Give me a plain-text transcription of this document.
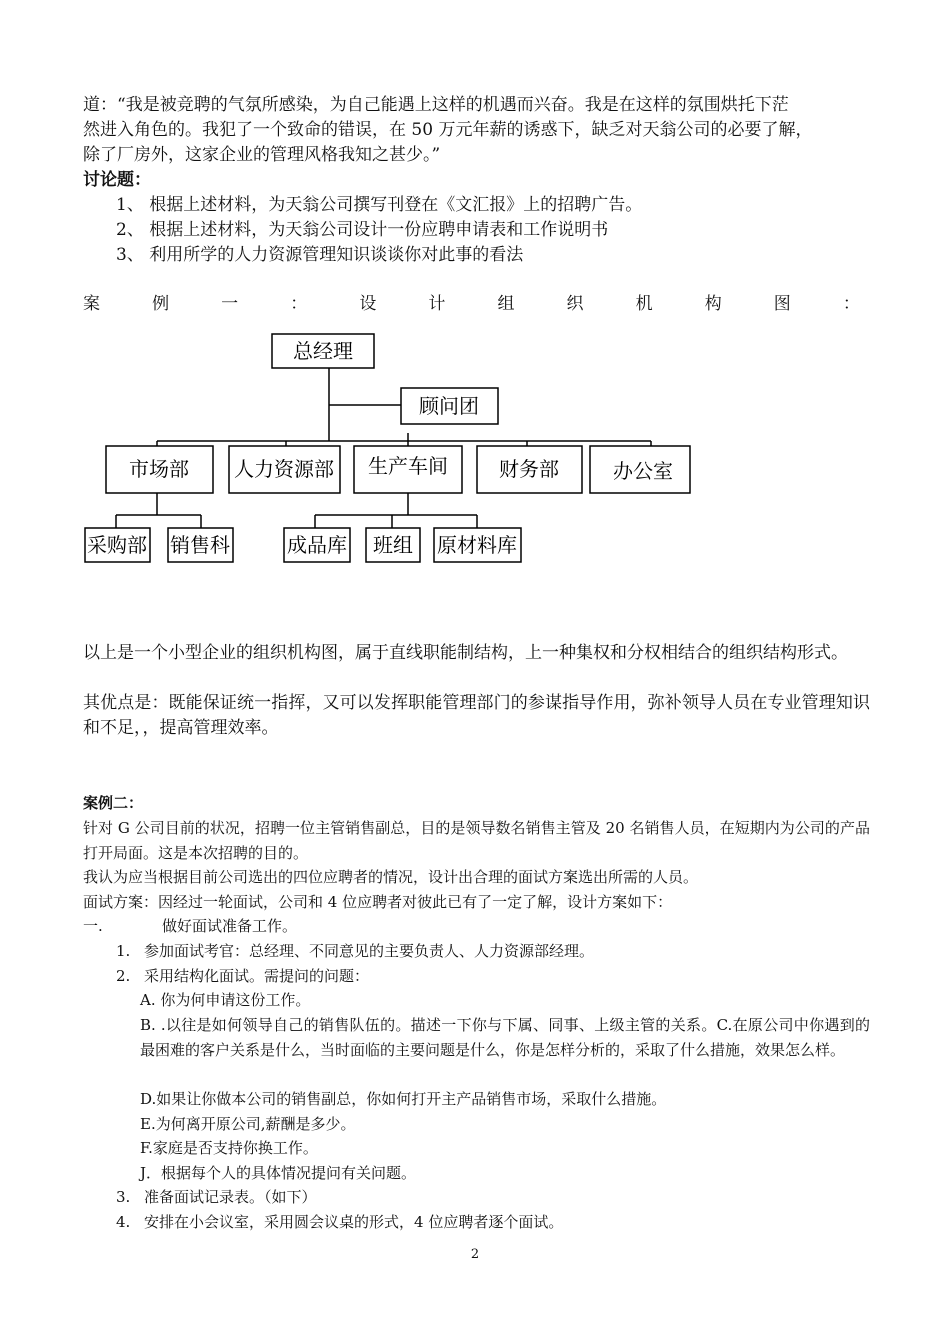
道：“我是被竞聘的气氛所感染，为自己能遇上这样的机遇而兴奋。我是在这样的氛围烘托下茫
然进入角色的。我犯了一个致命的错误，在 50 万元年薪的诱惑下，缺乏对天翁公司的必要了解，
除了厂房外，这家企业的管理风格我知之甚少。”
讨论题：
1、 根据上述材料，为天翁公司撰写刊登在《文汇报》上的招聘广告。
2、 根据上述材料，为天翁公司设计一份应聘申请表和工作说明书
3、 利用所学的人力资源管理知识谈谈你对此事的看法
案	例	一	：	设	计	组	织	机	构	图	：
总经理
顾问团
市场部 人力资源部 生产车间	财务部	办公室
采购部 销售科	成品库 班组 原材料库
以上是一个小型企业的组织机构图，属于直线职能制结构，上一种集权和分权相结合的组织结构形式。
其优点是：既能保证统一指挥，又可以发挥职能管理部门的参谋指导作用，弥补领导人员在专业管理知识和不足，，提高管理效率。
案例二：
针对 G 公司目前的状况，招聘一位主管销售副总，目的是领导数名销售主管及 20 名销售人员，在短期内为公司的产品打开局面。这是本次招聘的目的。
我认为应当根据目前公司选出的四位应聘者的情况，设计出合理的面试方案选出所需的人员。
面试方案：因经过一轮面试，公司和 4 位应聘者对彼此已有了一定了解，设计方案如下：
一.	做好面试准备工作。
1. 参加面试考官：总经理、不同意见的主要负责人、人力资源部经理。
2. 采用结构化面试。需提问的问题：
A. 你为何申请这份工作。
B. .以往是如何领导自己的销售队伍的。描述一下你与下属、同事、上级主管的关系。C.在原公司中你遇到的最困难的客户关系是什么，当时面临的主要问题是什么，你是怎样分析的，采取了什么措施，效果怎么样。
D.如果让你做本公司的销售副总，你如何打开主产品销售市场，采取什么措施。
E.为何离开原公司,薪酬是多少。
F.家庭是否支持你换工作。
J．根据每个人的具体情况提问有关问题。
3. 准备面试记录表。（如下）
4. 安排在小会议室，采用圆会议桌的形式，4 位应聘者逐个面试。
2
